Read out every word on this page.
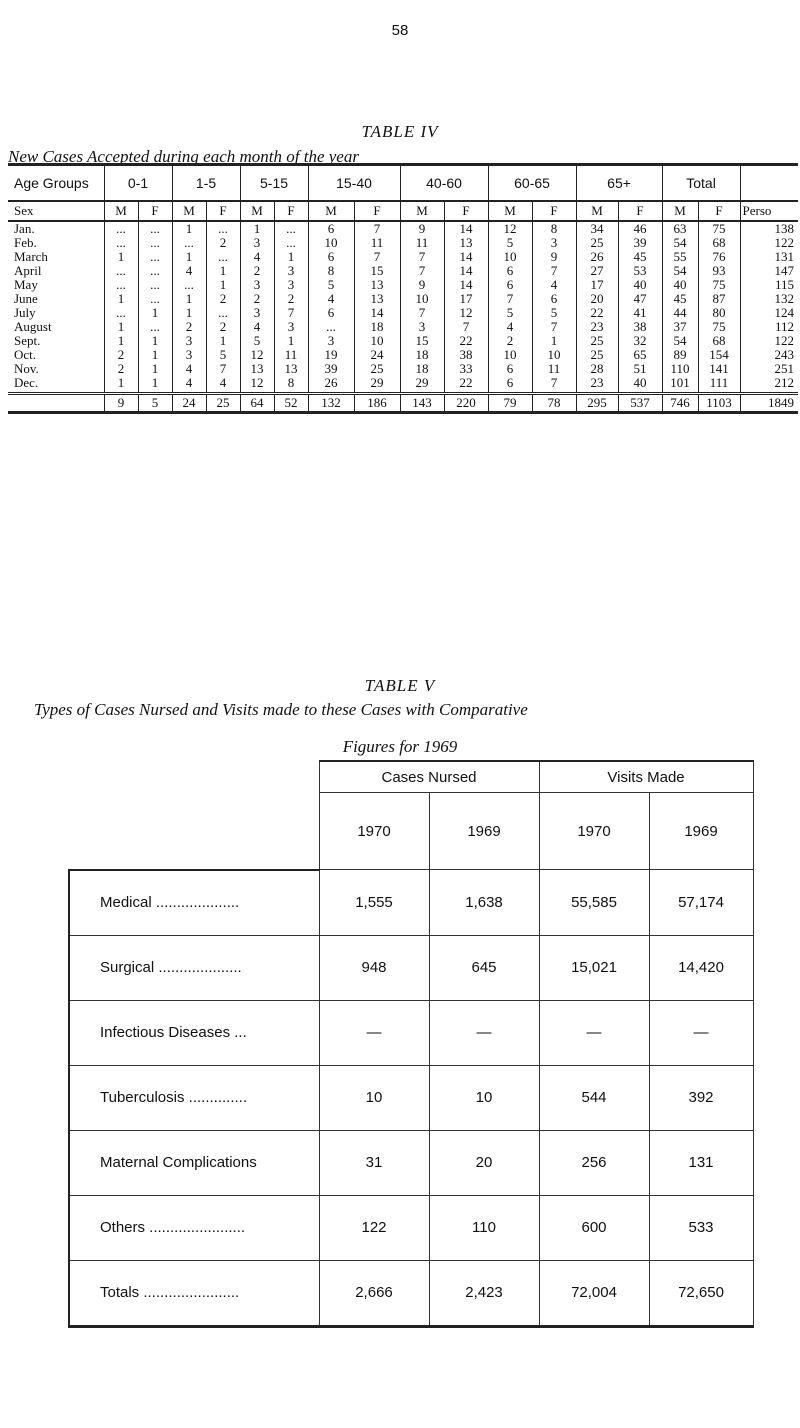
58
TABLE IV
New Cases Accepted during each month of the year
Age Groups	0-1		1-5		5-15		15-40		40-60		60-65		65+		Total		
Sex	M	F	M	F	M	F	M	F	M	F	M	F	M	F	M	F	Perso
Jan.	...	...	1	...	1	...	6	7	9	14	12	8	34	46	63	75	138
Feb.	...	...	...	2	3	...	10	11	11	13	5	3	25	39	54	68	122
March	1	...	1	...	4	1	6	7	7	14	10	9	26	45	55	76	131
April	...	...	4	1	2	3	8	15	7	14	6	7	27	53	54	93	147
May	...	...	...	1	3	3	5	13	9	14	6	4	17	40	40	75	115
June	1	...	1	2	2	2	4	13	10	17	7	6	20	47	45	87	132
July	...	1	1	...	3	7	6	14	7	12	5	5	22	41	44	80	124
August	1	...	2	2	4	3	...	18	3	7	4	7	23	38	37	75	112
Sept.	1	1	3	1	5	1	3	10	15	22	2	1	25	32	54	68	122
Oct.	2	1	3	5	12	11	19	24	18	38	10	10	25	65	89	154	243
Nov.	2	1	4	7	13	13	39	25	18	33	6	11	28	51	110	141	251
Dec.	1	1	4	4	12	8	26	29	29	22	6	7	23	40	101	111	212
	9	5	24	25	64	52	132	186	143	220	79	78	295	537	746	1103	1849
TABLE V
Types of Cases Nursed and Visits made to these Cases with Comparative
Figures for 1969
	Cases Nursed		Visits Made	
	1970	1969	1970	1969
Medical ....................	1,555	1,638	55,585	57,174
Surgical ....................	948	645	15,021	14,420
Infectious Diseases ...	—	—	—	—
Tuberculosis ..............	10	10	544	392
Maternal Complications	31	20	256	131
Others .......................	122	110	600	533
Totals .......................	2,666	2,423	72,004	72,650
